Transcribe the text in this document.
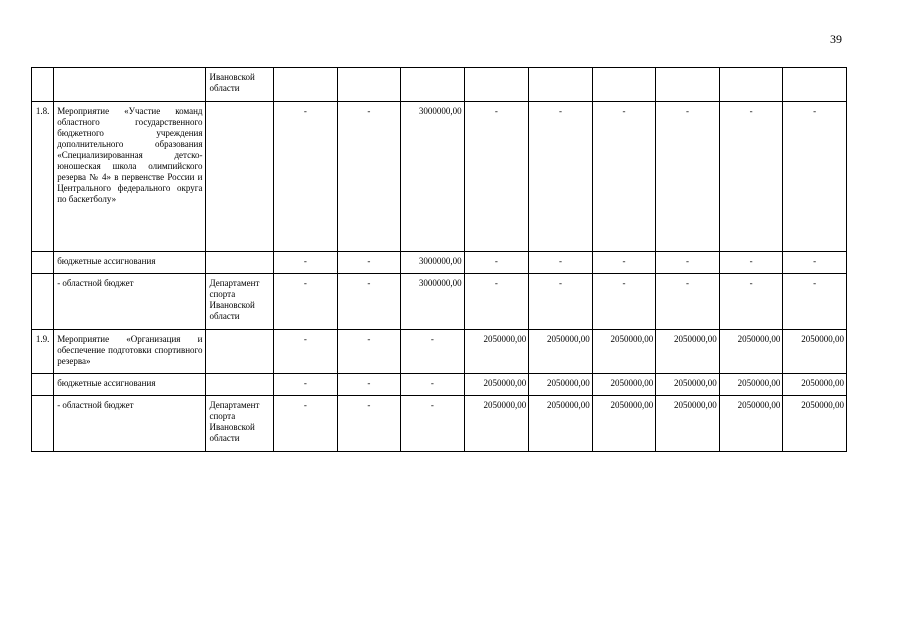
39
		Ивановской области									
1.8.	Мероприятие «Участие команд областного государственного бюджетного учреждения дополнительного образования «Специализированная детско-юношеская школа олимпийского резерва № 4» в первенстве России и Центрального федерального округа по баскетболу»		-	-	3000000,00	-	-	-	-	-	-
	бюджетные ассигнования		-	-	3000000,00	-	-	-	-	-	-
	- областной бюджет	Департамент спорта Ивановской области	-	-	3000000,00	-	-	-	-	-	-
1.9.	Мероприятие «Организация и обеспечение подготовки спортивного резерва»		-	-	-	2050000,00	2050000,00	2050000,00	2050000,00	2050000,00	2050000,00
	бюджетные ассигнования		-	-	-	2050000,00	2050000,00	2050000,00	2050000,00	2050000,00	2050000,00
	- областной бюджет	Департамент спорта Ивановской области	-	-	-	2050000,00	2050000,00	2050000,00	2050000,00	2050000,00	2050000,00
